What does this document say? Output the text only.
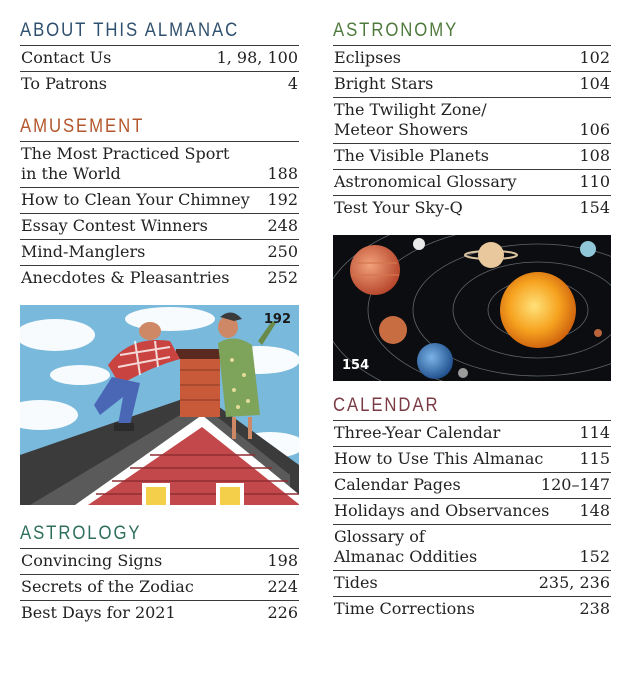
ABOUT THIS ALMANAC
Contact Us	1, 98, 100
To Patrons	4
AMUSEMENT
The Most Practiced Sport
in the World	188
How to Clean Your Chimney	192
Essay Contest Winners	248
Mind-Manglers	250
Anecdotes & Pleasantries	252
192
ASTROLOGY
Convincing Signs	198
Secrets of the Zodiac	224
Best Days for 2021	226
ASTRONOMY
Eclipses	102
Bright Stars	104
The Twilight Zone/
Meteor Showers	106
The Visible Planets	108
Astronomical Glossary	110
Test Your Sky-Q	154
154
CALENDAR
Three-Year Calendar	114
How to Use This Almanac	115
Calendar Pages	120–147
Holidays and Observances	148
Glossary of
Almanac Oddities	152
Tides	235, 236
Time Corrections	238
